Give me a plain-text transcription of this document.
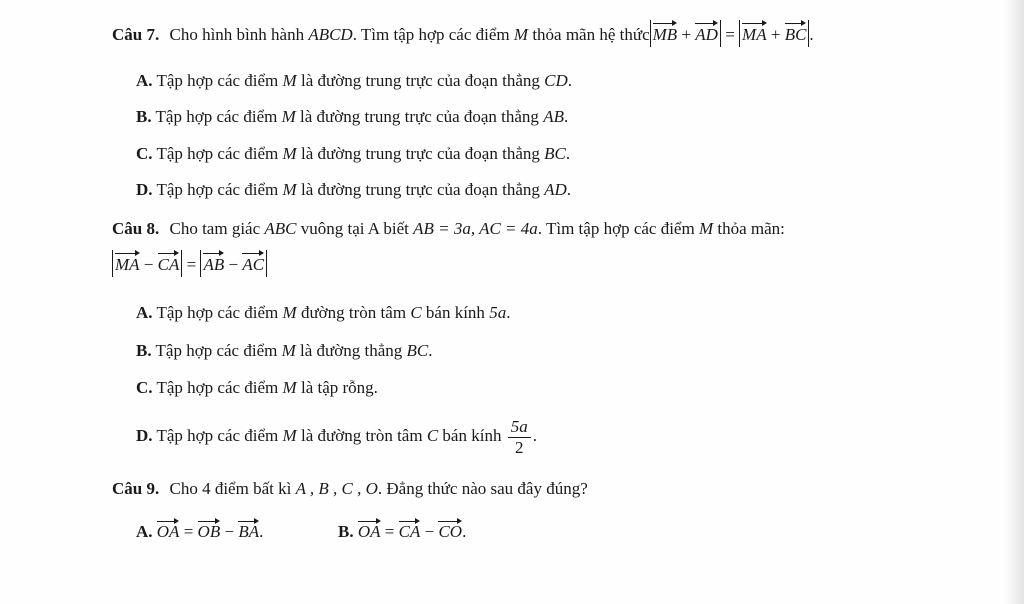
Câu 7. Cho hình bình hành ABCD. Tìm tập hợp các điểm M thỏa mãn hệ thức MB + AD = MA + BC .
A. Tập hợp các điểm M là đường trung trực của đoạn thẳng CD.
B. Tập hợp các điểm M là đường trung trực của đoạn thẳng AB.
C. Tập hợp các điểm M là đường trung trực của đoạn thẳng BC.
D. Tập hợp các điểm M là đường trung trực của đoạn thẳng AD.
Câu 8. Cho tam giác ABC vuông tại A biết AB = 3a, AC = 4a. Tìm tập hợp các điểm M thỏa mãn:
MA − CA = AB − AC
A. Tập hợp các điểm M đường tròn tâm C bán kính 5a.
B. Tập hợp các điểm M là đường thẳng BC.
C. Tập hợp các điểm M là tập rỗng.
D. Tập hợp các điểm M là đường tròn tâm C bán kính $\frac{5a}{2}$ .
Câu 9. Cho 4 điểm bất kì A , B , C , O. Đẳng thức nào sau đây đúng?
A. OA = OB − BA.	B. OA = CA − CO.
